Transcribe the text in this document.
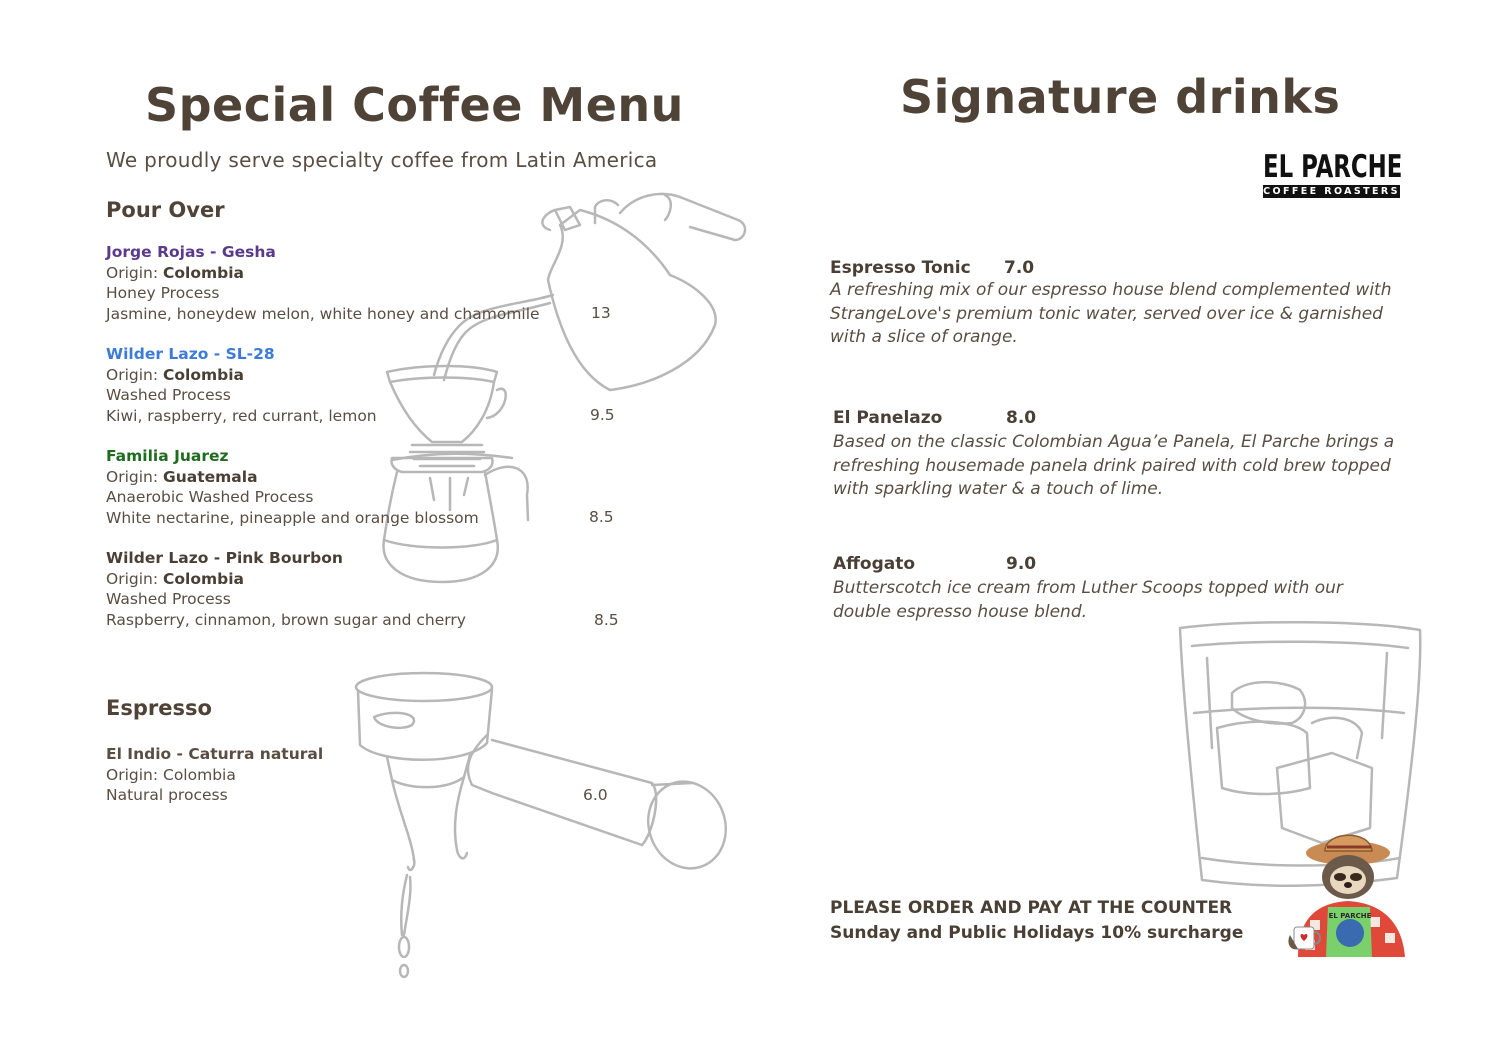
Special Coffee Menu
We proudly serve specialty coffee from Latin America
Pour Over
Jorge Rojas - Gesha
Origin: Colombia
Honey Process
Jasmine, honeydew melon, white honey and chamomile	13
Wilder Lazo - SL-28
Origin: Colombia
Washed Process
Kiwi, raspberry, red currant, lemon	9.5
Familia Juarez
Origin: Guatemala
Anaerobic Washed Process
White nectarine, pineapple and orange blossom	8.5
Wilder Lazo - Pink Bourbon
Origin: Colombia
Washed Process
Raspberry, cinnamon, brown sugar and cherry	8.5
Espresso
El Indio - Caturra natural
Origin: Colombia
Natural process	6.0
Signature drinks
EL PARCHE
COFFEE ROASTERS
Espresso Tonic 7.0
A refreshing mix of our espresso house blend complemented with StrangeLove's premium tonic water, served over ice & garnished with a slice of orange.
El Panelazo	8.0
Based on the classic Colombian Agua’e Panela, El Parche brings a refreshing housemade panela drink paired with cold brew topped with sparkling water & a touch of lime.
Affogato	9.0
Butterscotch ice cream from Luther Scoops topped with our double espresso house blend.
PLEASE ORDER AND PAY AT THE COUNTER
Sunday and Public Holidays 10% surcharge
EL PARCHE
